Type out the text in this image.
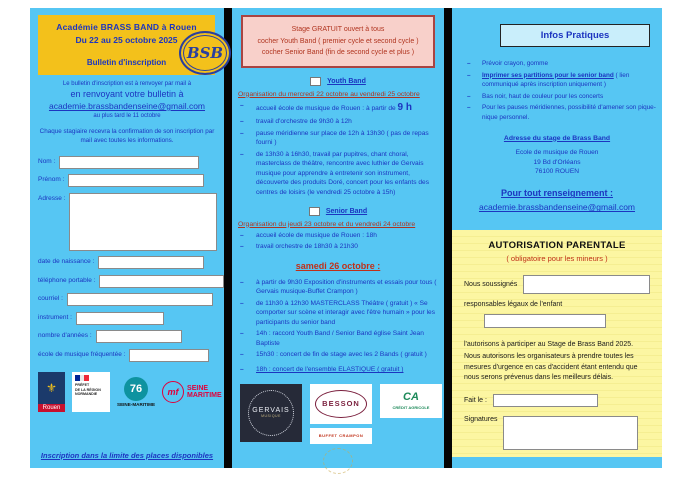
Académie BRASS BAND à Rouen
Du 22 au 25 octobre 2025
Bulletin d'inscription
BSB
Le bulletin d'inscription est à renvoyer par mail à
en renvoyant votre bulletin à
academie.brassbandenseine@gmail.com
au plus tard le 11 octobre
Chaque stagiaire recevra la confirmation de son inscription par mail avec toutes les informations.
Nom :
Prénom :
Adresse :
date de naissance :
téléphone portable :
courriel :
instrument :
nombre d'années :
école de musique fréquentée :
⚜
Rouen
PRÉFET
DE LA RÉGION
NORMANDIE	76
SEINE-MARITIME
mf	SEINE
MARITIME
Inscription dans la limite des places disponibles
Stage GRATUIT ouvert à tous
cocher Youth Band ( premier cycle et second cycle )
cocher Senior Band (fin de second cycle et plus )
Youth Band
Organisation du mercredi 22 octobre au vendredi 25 octobre
– accueil école de musique de Rouen : à partir de 9 h
– travail d'orchestre de 9h30 à 12h
– pause méridienne sur place de 12h à 13h30 ( pas de repas fourni )
– de 13h30 à 16h30, travail par pupitres, chant choral, masterclass de théâtre, rencontre avec luthier de Gervais musique pour apprendre à entretenir son instrument, découverte des produits Doré, concert pour les enfants des centres de loisirs (le vendredi 25 octobre à 15h)
Senior Band
Organisation du jeudi 23 octobre et du vendredi 24 octobre
– accueil école de musique de Rouen : 18h
– travail orchestre de 18h30 à 21h30
samedi 26 octobre :
– à partir de 9h30 Exposition d'instruments et essais pour tous ( Gervais musique-Buffet Crampon )
– de 11h30 à 12h30 MASTERCLASS Théâtre ( gratuit ) « Se comporter sur scène et interagir avec l'être humain » pour les participants du senior band
– 14h : raccord Youth Band / Senior Band église Saint Jean Baptiste
– 15h30 : concert de fin de stage avec les 2 Bands ( gratuit )
– 18h : concert de l'ensemble ELASTIQUE ( gratuit )
GERVAIS
MUSIQUE
BESSON
CA
CRÉDIT AGRICOLE
BUFFET CRAMPON
Infos Pratiques
– Prévoir crayon, gomme
– Imprimer ses partitions pour le senior band ( lien communiqué après inscription uniquement )
– Bas noir, haut de couleur pour les concerts
– Pour les pauses méridiennes, possibilité d'amener son pique-nique personnel.
Adresse du stage de Brass Band
Ecole de musique de Rouen
19 Bd d'Orléans
76100 ROUEN
Pour tout renseignement :
academie.brassbandenseine@gmail.com
AUTORISATION PARENTALE
( obligatoire pour les mineurs )
Nous soussignés
responsables légaux de l'enfant
l'autorisons à participer au Stage de Brass Band 2025.
Nous autorisons les organisateurs à prendre toutes les mesures d'urgence en cas d'accident étant entendu que nous serons prévenus dans les meilleurs délais.
Fait le :
Signatures
